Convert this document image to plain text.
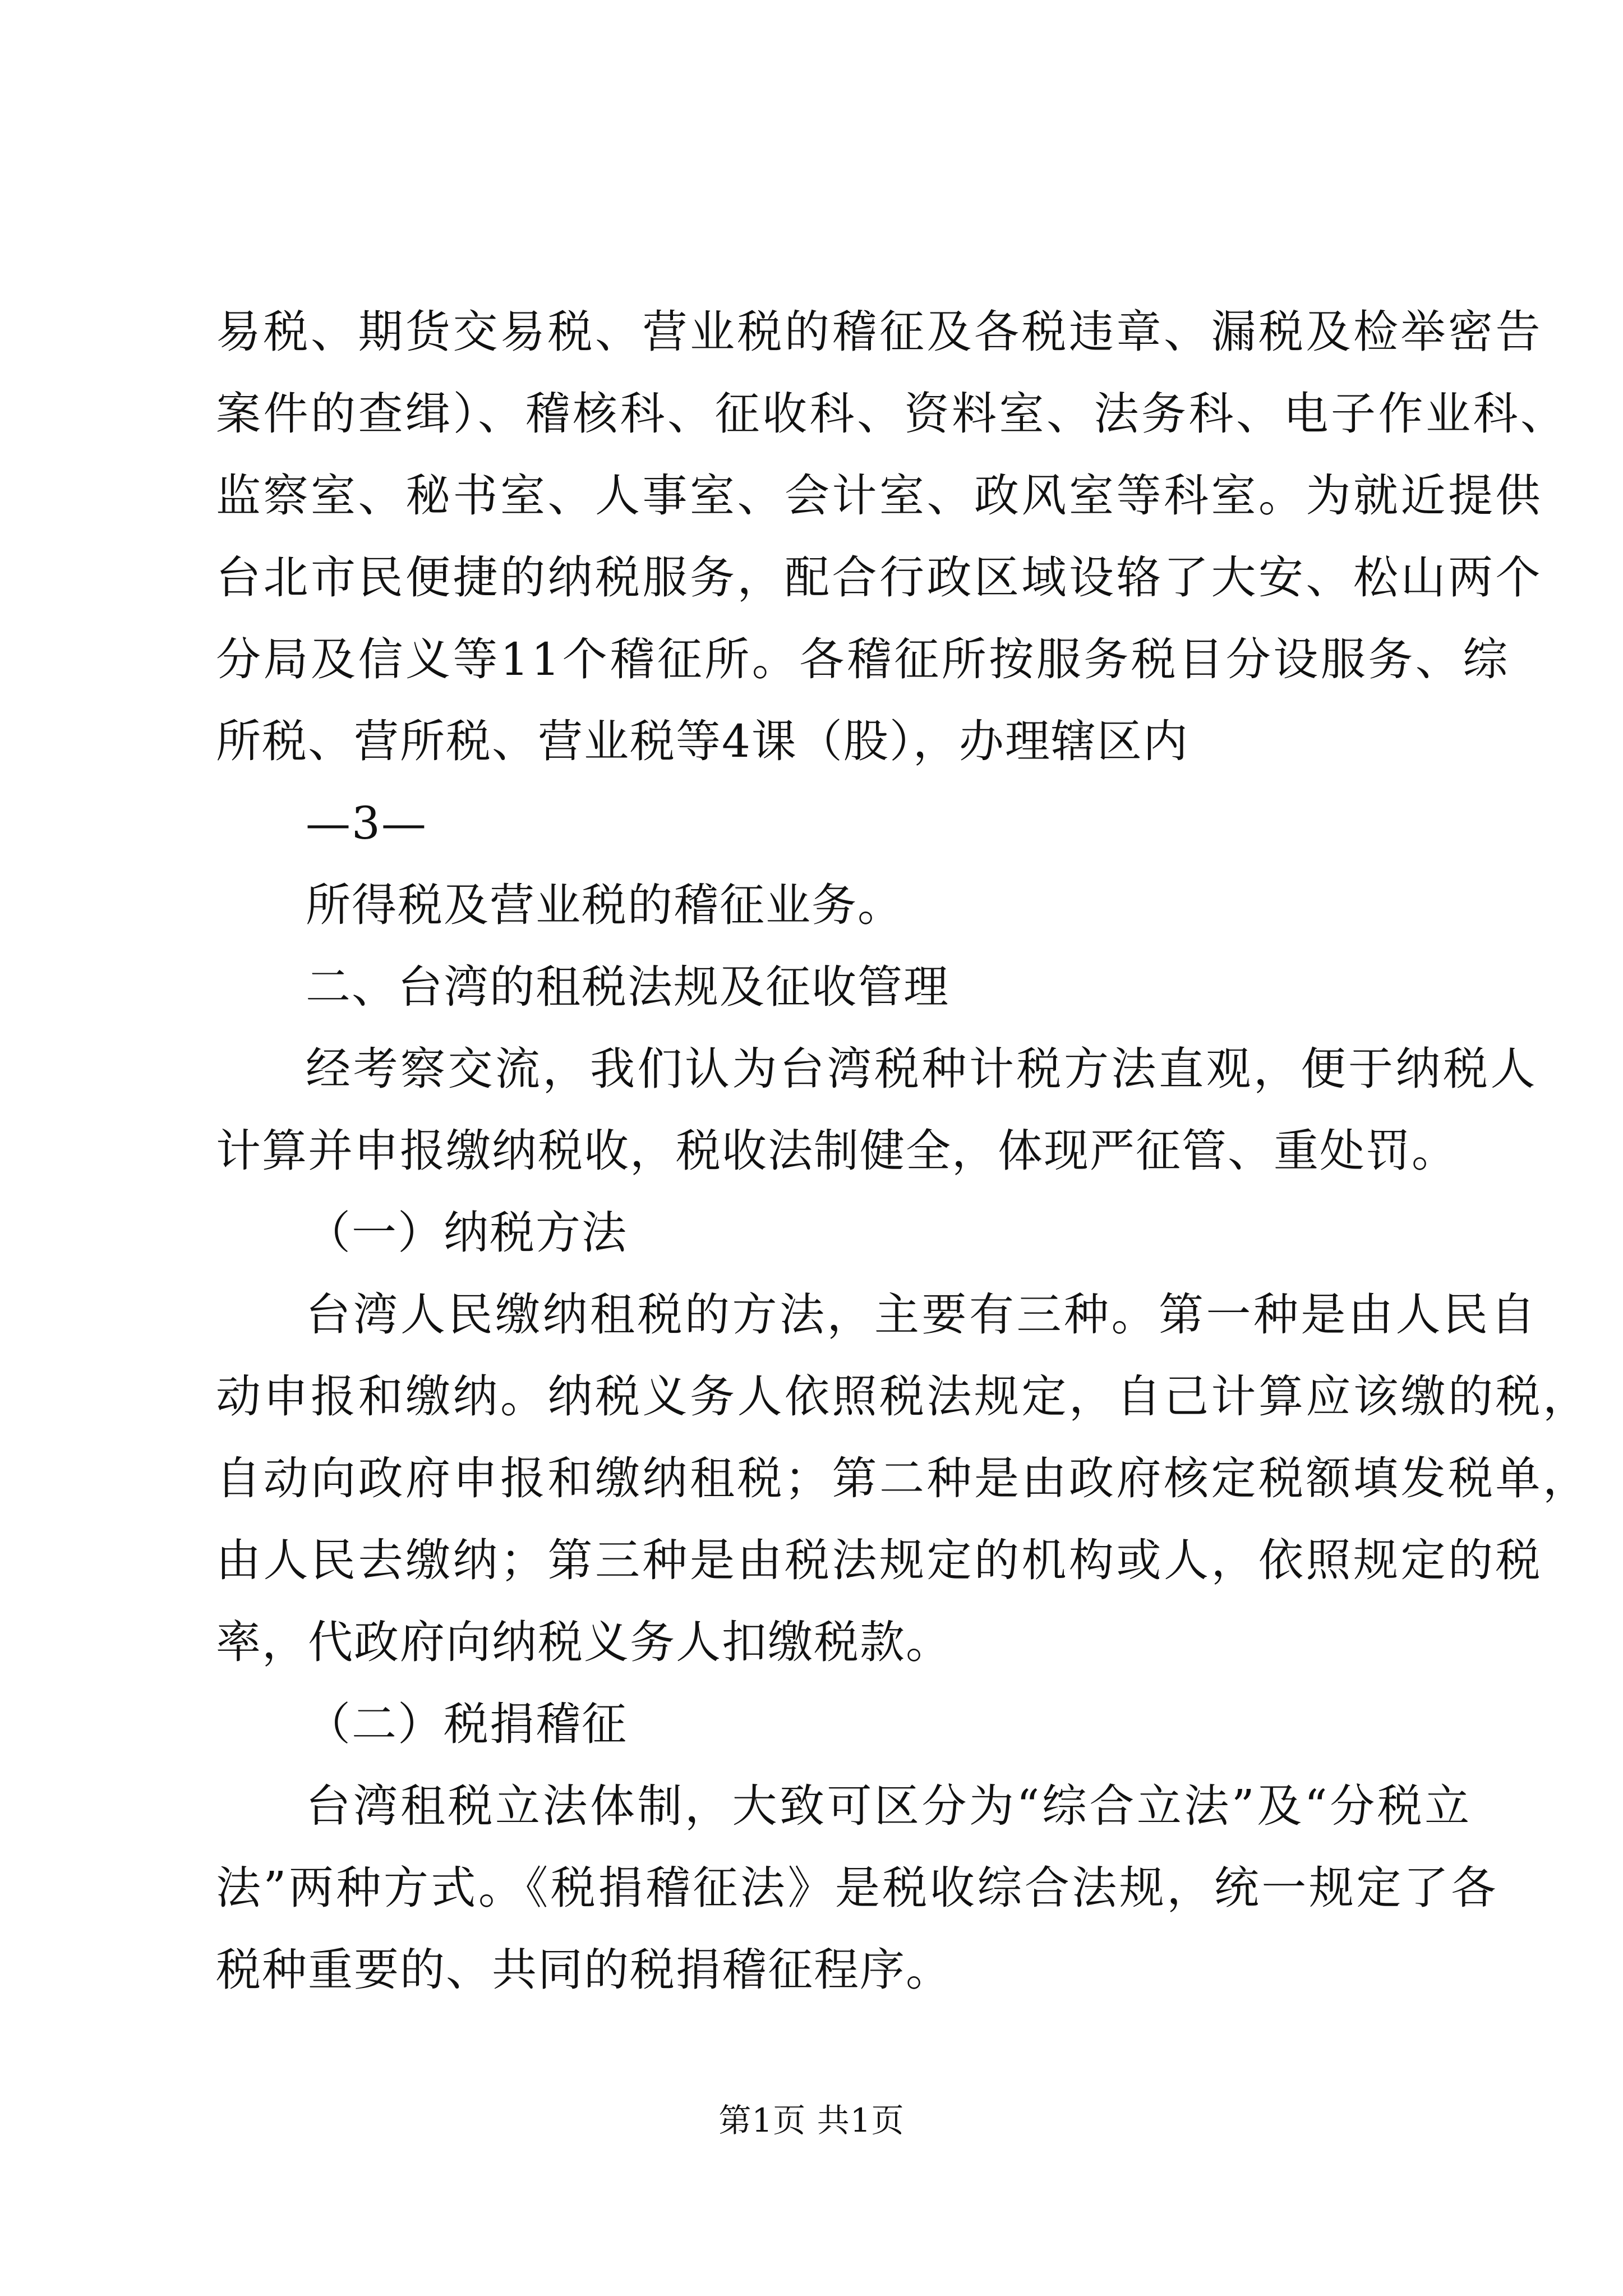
易税、期货交易税、营业税的稽征及各税违章、漏税及检举密告
案件的查缉）、稽核科、征收科、资料室、法务科、电子作业科、
监察室、秘书室、人事室、会计室、政风室等科室。为就近提供
台北市民便捷的纳税服务，配合行政区域设辂了大安、松山两个
分局及信义等11个稽征所。各稽征所按服务税目分设服务、综
所税、营所税、营业税等4课（股），办理辖区内
—3—
所得税及营业税的稽征业务。
二、台湾的租税法规及征收管理
经考察交流，我们认为台湾税种计税方法直观，便于纳税人
计算并申报缴纳税收，税收法制健全，体现严征管、重处罚。
（一）纳税方法
台湾人民缴纳租税的方法，主要有三种。第一种是由人民自
动申报和缴纳。纳税义务人依照税法规定，自己计算应该缴的税，
自动向政府申报和缴纳租税；第二种是由政府核定税额填发税单，
由人民去缴纳；第三种是由税法规定的机构或人，依照规定的税
率，代政府向纳税义务人扣缴税款。
（二）税捐稽征
台湾租税立法体制，大致可区分为“综合立法”及“分税立
法”两种方式。《税捐稽征法》是税收综合法规，统一规定了各
税种重要的、共同的税捐稽征程序。
第1页 共1页
